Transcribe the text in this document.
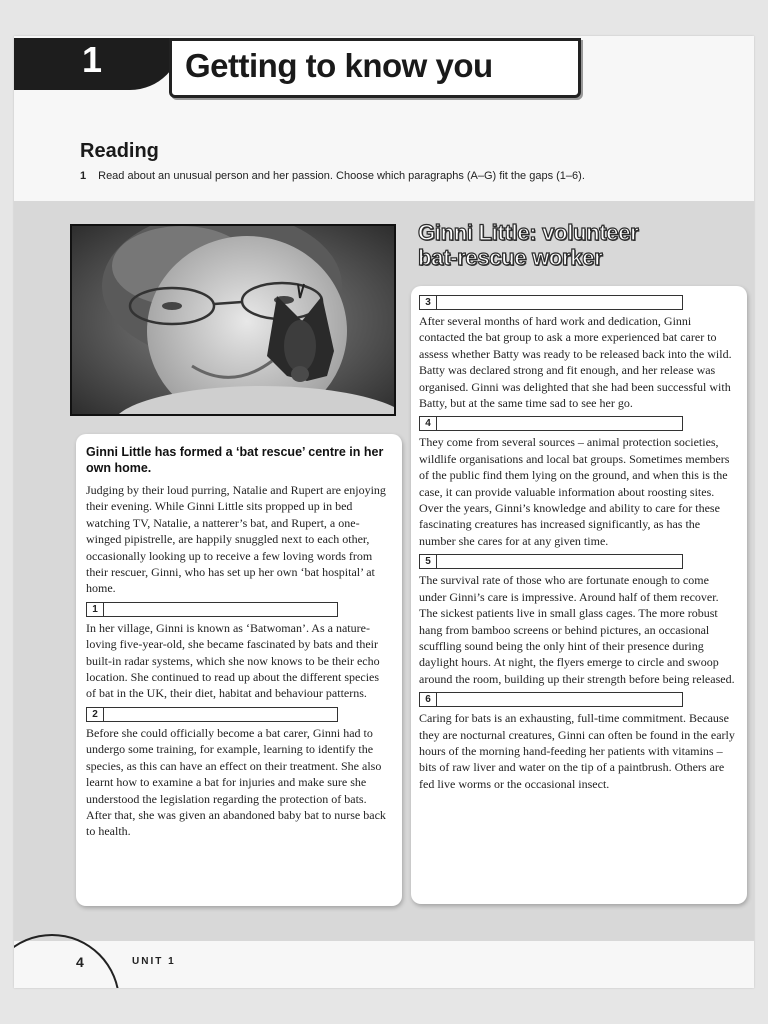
1	Getting to know you
Reading
1 Read about an unusual person and her passion. Choose which paragraphs (A–G) fit the gaps (1–6).
Ginni Little: volunteer
bat-rescue worker
Ginni Little has formed a ‘bat rescue’ centre in her own home.
Judging by their loud purring, Natalie and Rupert are enjoying their evening. While Ginni Little sits propped up in bed watching TV, Natalie, a natterer’s bat, and Rupert, a one-winged pipistrelle, are happily snuggled next to each other, occasionally looking up to receive a few loving words from their rescuer, Ginni, who has set up her own ‘bat hospital’ at home.
1
In her village, Ginni is known as ‘Batwoman’. As a nature-loving five-year-old, she became fascinated by bats and their built-in radar systems, which she now knows to be their echo location. She continued to read up about the different species of bat in the UK, their diet, habitat and behaviour patterns.
2
Before she could officially become a bat carer, Ginni had to undergo some training, for example, learning to identify the species, as this can have an effect on their treatment. She also learnt how to examine a bat for injuries and make sure she understood the legislation regarding the protection of bats. After that, she was given an abandoned baby bat to nurse back to health.
3
After several months of hard work and dedication, Ginni contacted the bat group to ask a more experienced bat carer to assess whether Batty was ready to be released back into the wild. Batty was declared strong and fit enough, and her release was organised. Ginni was delighted that she had been successful with Batty, but at the same time sad to see her go.
4
They come from several sources – animal protection societies, wildlife organisations and local bat groups. Sometimes members of the public find them lying on the ground, and when this is the case, it can provide valuable information about roosting sites. Over the years, Ginni’s knowledge and ability to care for these fascinating creatures has increased significantly, as has the number she cares for at any given time.
5
The survival rate of those who are fortunate enough to come under Ginni’s care is impressive. Around half of them recover. The sickest patients live in small glass cages. The more robust hang from bamboo screens or behind pictures, an occasional scuffling sound being the only hint of their presence during daylight hours. At night, the flyers emerge to circle and swoop around the room, building up their strength before being released.
6
Caring for bats is an exhausting, full-time commitment. Because they are nocturnal creatures, Ginni can often be found in the early hours of the morning hand-feeding her patients with vitamins – bits of raw liver and water on the tip of a paintbrush. Others are fed live worms or the occasional insect.
4	UNIT 1
